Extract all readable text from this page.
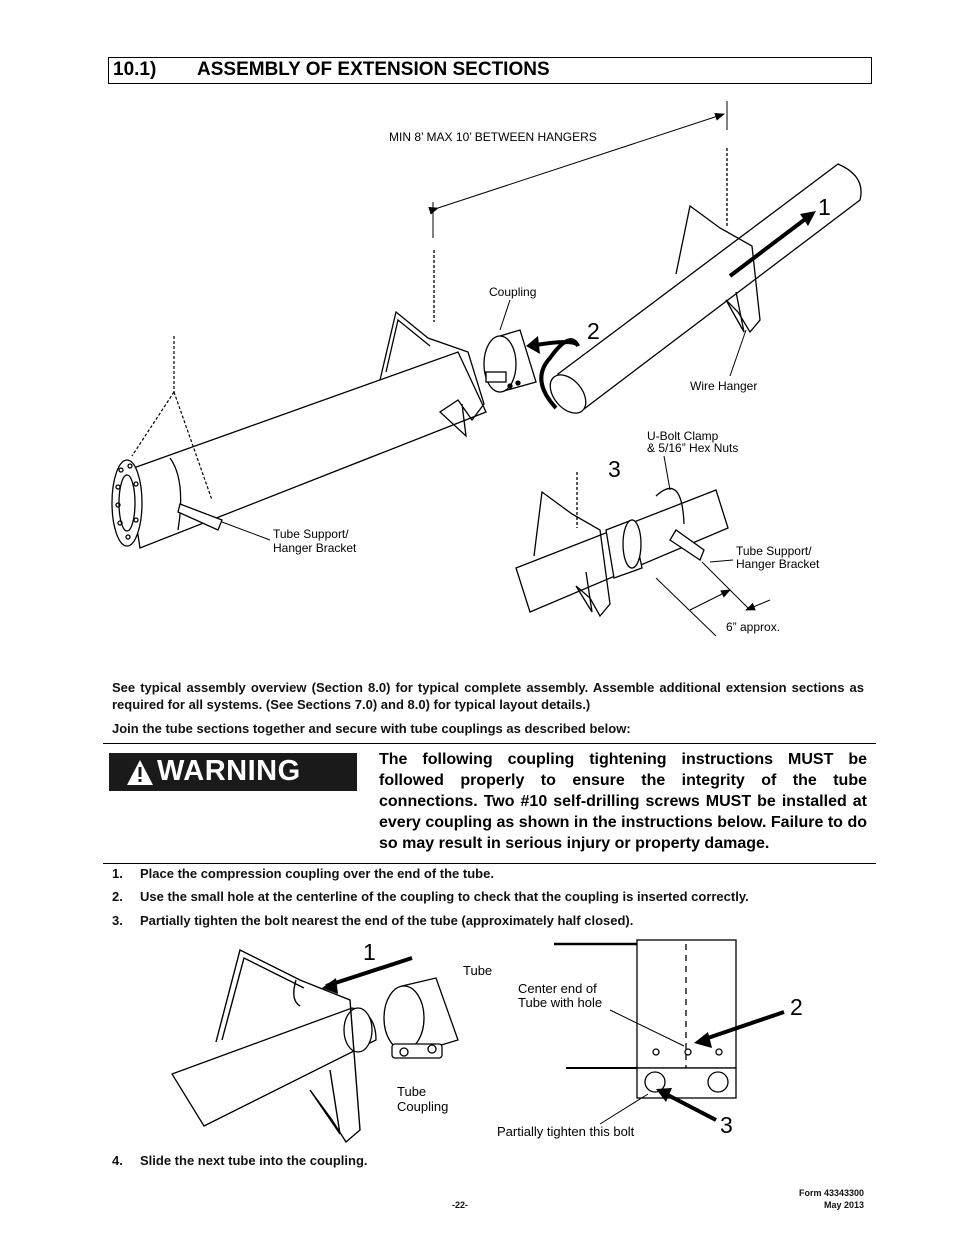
10.1) ASSEMBLY OF EXTENSION SECTIONS
MIN 8’ MAX 10’ BETWEEN HANGERS
Coupling
2
1
Wire Hanger
Tube Support/
Hanger Bracket
3
U-Bolt Clamp
& 5/16” Hex Nuts
Tube Support/
Hanger Bracket
6” approx.
See typical assembly overview (Section 8.0) for typical complete assembly. Assemble additional extension sections as required for all systems. (See Sections 7.0) and 8.0) for typical layout details.)
Join the tube sections together and secure with tube couplings as described below:
WARNING	The following coupling tightening instructions MUST be followed properly to ensure the integrity of the tube connections. Two #10 self-drilling screws MUST be installed at every coupling as shown in the instructions below. Failure to do so may result in serious injury or property damage.
1. Place the compression coupling over the end of the tube.
2. Use the small hole at the centerline of the coupling to check that the coupling is inserted correctly.
3. Partially tighten the bolt nearest the end of the tube (approximately half closed).
1
Tube
Coupling
Tube
Center end of
Tube with hole	2
3
Partially tighten this bolt
4. Slide the next tube into the coupling.
-22-
Form 43343300
May 2013
